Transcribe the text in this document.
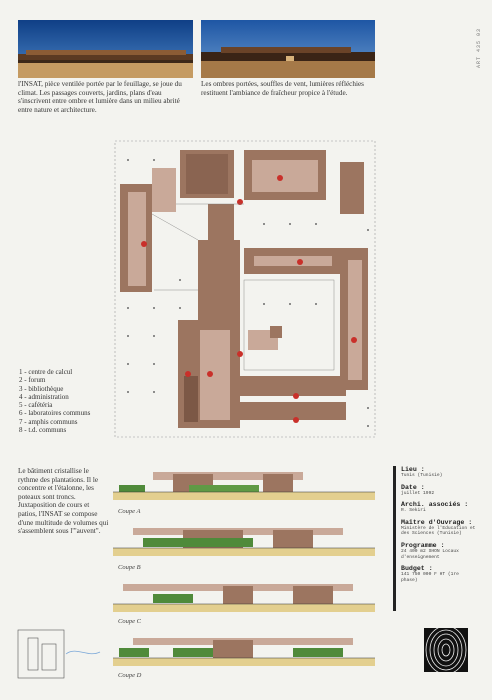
l'INSAT, pièce ventilée portée par le feuillage, se joue du climat. Les passages couverts, jardins, plans d'eau s'inscrivent entre ombre et lumière dans un milieu abrité entre nature et architecture.
Les ombres portées, souffles de vent, lumières réfléchies restituent l'ambiance de fraîcheur propice à l'étude.
ART 435 03
1 - centre de calcul
2 - forum
3 - bibliothèque
4 - administration
5 - cafétéria
6 - laboratoires communs
7 - amphis communs
8 - t.d. communs
Le bâtiment cristallise le rythme des plantations. Il le concentre et l'étalonne, les poteaux sont troncs. Juxtaposition de cours et patios, l'INSAT se compose d'une multitude de volumes qui s'assemblent sous l'"auvent".
Coupe A
Coupe B
Coupe C
Coupe D
Lieu :
Tunis (Tunisie)
Date :
juillet 1992
Archi. associés :
R. Sekiri
Maître d'Ouvrage :
Ministère de l'Education et des Sciences (Tunisie)
Programme :
24 400 m2 SHON Locaux d'enseignement
Budget :
141 750 000 F HT (1re phase)
